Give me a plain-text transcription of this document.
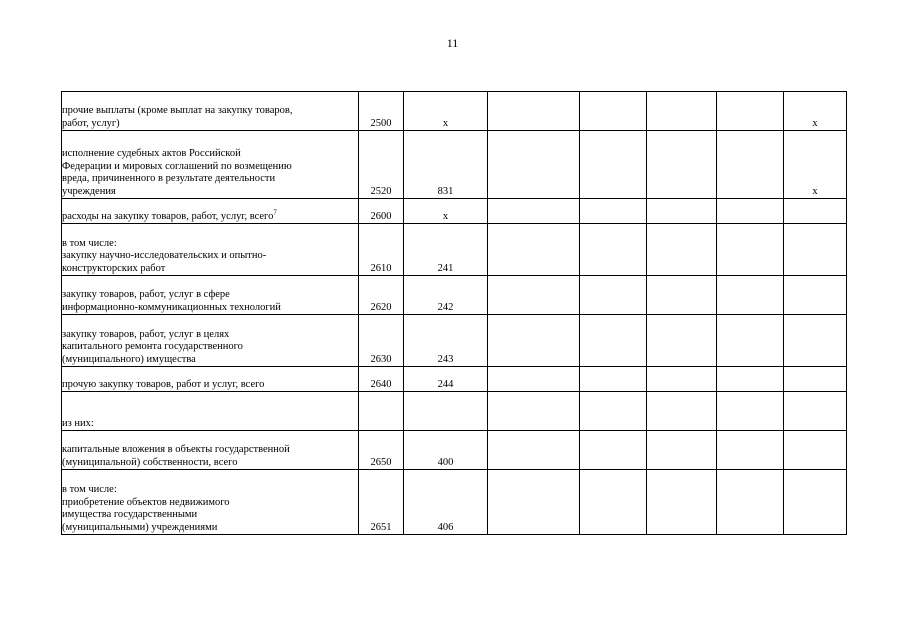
11
прочие выплаты (кроме выплат на закупку товаров,
работ, услуг)	2500	x					x

исполнение судебных актов Российской
Федерации и мировых соглашений по возмещению
вреда, причиненного в результате деятельности
учреждения	2520	831					x
расходы на закупку товаров, работ, услуг, всего$^7$	2600	x					

в том числе:
закупку научно-исследовательских и опытно-
конструкторских работ	2610	241					

закупку товаров, работ, услуг в сфере
информационно-коммуникационных технологий	2620	242					

закупку товаров, работ, услуг в целях
капитального ремонта государственного
(муниципального) имущества	2630	243					

прочую закупку товаров, работ и услуг, всего	2640	244					

из них:							

капитальные вложения в объекты государственной
(муниципальной) собственности, всего	2650	400					

в том числе:
приобретение объектов недвижимого
имущества государственными
(муниципальными) учреждениями	2651	406					
